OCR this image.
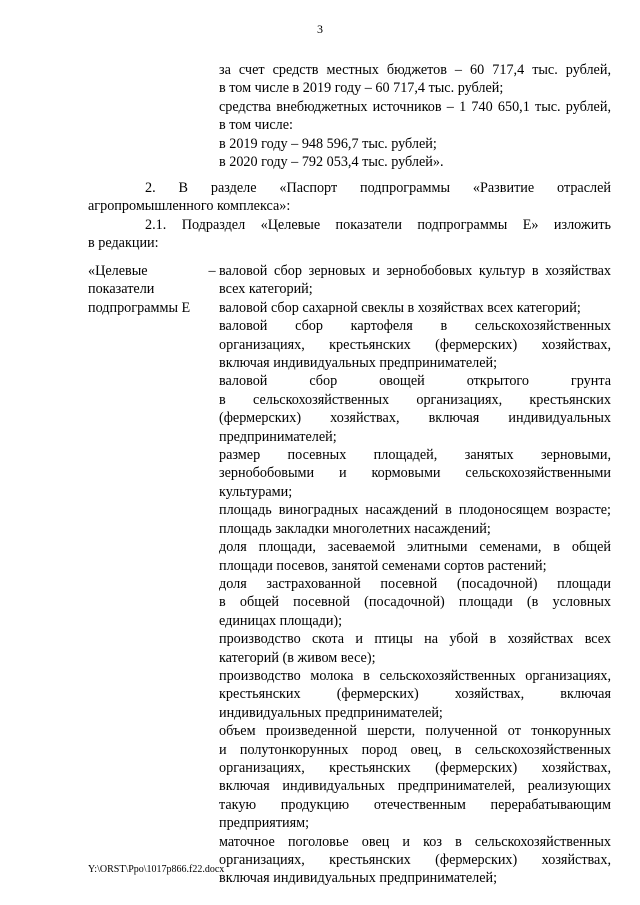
3
за счет средств местных бюджетов – 60 717,4 тыс. рублей,
в том числе в 2019 году – 60 717,4 тыс. рублей;
средства внебюджетных источников – 1 740 650,1 тыс. рублей,
в том числе:
в 2019 году – 948 596,7 тыс. рублей;
в 2020 году – 792 053,4 тыс. рублей».
2. В разделе «Паспорт подпрограммы «Развитие отраслей
агропромышленного комплекса»:
2.1. Подраздел «Целевые показатели подпрограммы Е» изложить
в редакции:
«Целевые
показатели
подпрограммы Е
– валовой сбор зерновых и зернобобовых культур в хозяйствах
всех категорий;
валовой сбор сахарной свеклы в хозяйствах всех категорий;
валовой сбор картофеля в сельскохозяйственных
организациях, крестьянских (фермерских) хозяйствах,
включая индивидуальных предпринимателей;
валовой сбор овощей открытого грунта
в сельскохозяйственных организациях, крестьянских
(фермерских) хозяйствах, включая индивидуальных
предпринимателей;
размер посевных площадей, занятых зерновыми,
зернобобовыми и кормовыми сельскохозяйственными
культурами;
площадь виноградных насаждений в плодоносящем возрасте;
площадь закладки многолетних насаждений;
доля площади, засеваемой элитными семенами, в общей
площади посевов, занятой семенами сортов растений;
доля застрахованной посевной (посадочной) площади
в общей посевной (посадочной) площади (в условных
единицах площади);
производство скота и птицы на убой в хозяйствах всех
категорий (в живом весе);
производство молока в сельскохозяйственных организациях,
крестьянских (фермерских) хозяйствах, включая
индивидуальных предпринимателей;
объем произведенной шерсти, полученной от тонкорунных
и полутонкорунных пород овец, в сельскохозяйственных
организациях, крестьянских (фермерских) хозяйствах,
включая индивидуальных предпринимателей, реализующих
такую продукцию отечественным перерабатывающим
предприятиям;
маточное поголовье овец и коз в сельскохозяйственных
организациях, крестьянских (фермерских) хозяйствах,
включая индивидуальных предпринимателей;
Y:\ORST\Ppo\1017p866.f22.docx
